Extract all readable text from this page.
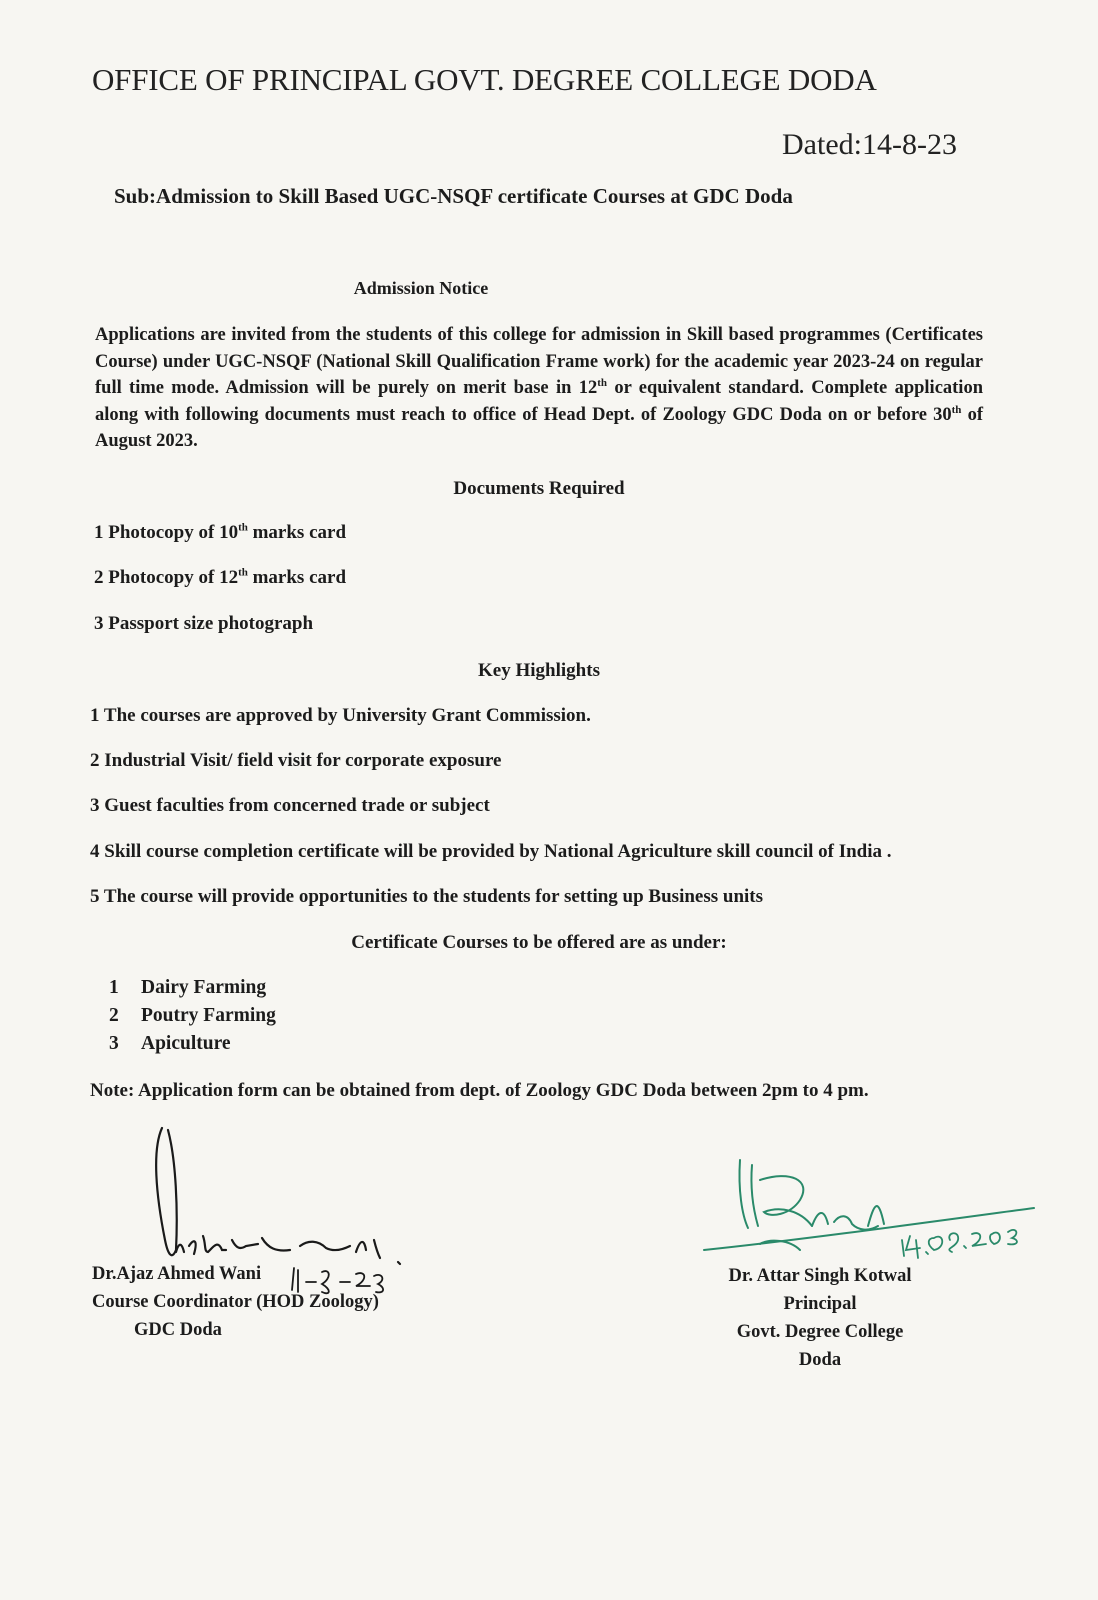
OFFICE OF PRINCIPAL GOVT. DEGREE COLLEGE DODA
Dated:14-8-23
Sub:Admission to Skill Based UGC-NSQF certificate Courses at GDC Doda
Admission Notice
Applications are invited from the students of this college for admission in Skill based programmes (Certificates Course) under UGC-NSQF (National Skill Qualification Frame work) for the academic year 2023-24 on regular full time mode. Admission will be purely on merit base in 12th or equivalent standard. Complete application along with following documents must reach to office of Head Dept. of Zoology GDC Doda on or before 30th of August 2023.
Documents Required
1 Photocopy of 10th marks card
2 Photocopy of 12th marks card
3 Passport size photograph
Key Highlights
1 The courses are approved by University Grant Commission.
2 Industrial Visit/ field visit for corporate exposure
3 Guest faculties from concerned trade or subject
4 Skill course completion certificate will be provided by National Agriculture skill council of India .
5 The course will provide opportunities to the students for setting up Business units
Certificate Courses to be offered are as under:
1 Dairy Farming
2 Poutry Farming
3 Apiculture
Note: Application form can be obtained from dept. of Zoology GDC Doda between 2pm to 4 pm.
Dr.Ajaz Ahmed Wani
Course Coordinator (HOD Zoology)
GDC Doda
Dr. Attar Singh Kotwal
Principal
Govt. Degree College
Doda
